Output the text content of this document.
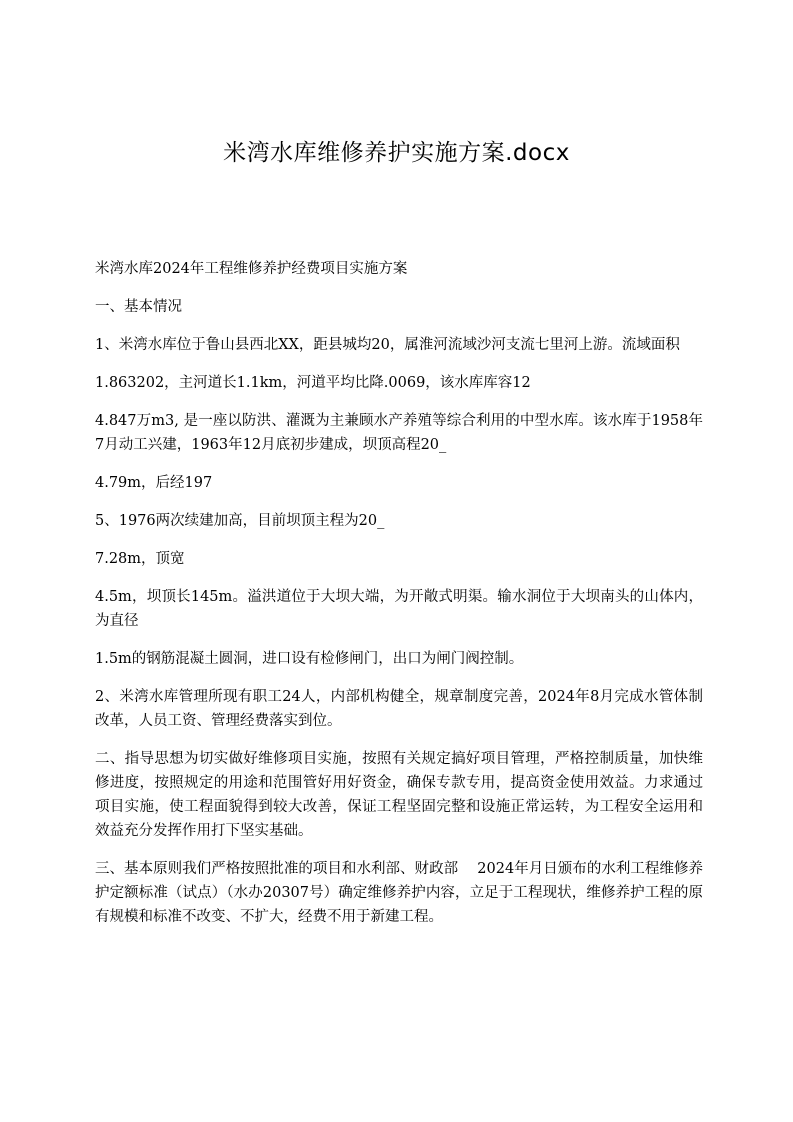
米湾水库维修养护实施方案.docx

米湾水库2024年工程维修养护经费项目实施方案

一、基本情况

1、米湾水库位于鲁山县西北XX，距县城均20，属淮河流域沙河支流七里河上游。流域面积

1.863202，主河道长1.1km，河道平均比降.0069，该水库库容12

4.847万m3, 是一座以防洪、灌溉为主兼顾水产养殖等综合利用的中型水库。该水库于1958年7月动工兴建，1963年12月底初步建成，坝顶高程20_

4.79m，后经197

5、1976两次续建加高，目前坝顶主程为20_

7.28m，顶宽

4.5m，坝顶长145m。溢洪道位于大坝大端，为开敞式明渠。输水洞位于大坝南头的山体内，为直径

1.5m的钢筋混凝土圆洞，进口设有检修闸门，出口为闸门阀控制。

2、米湾水库管理所现有职工24人，内部机构健全，规章制度完善，2024年8月完成水管体制改革，人员工资、管理经费落实到位。

二、指导思想为切实做好维修项目实施，按照有关规定搞好项目管理，严格控制质量，加快维修进度，按照规定的用途和范围管好用好资金，确保专款专用，提高资金使用效益。力求通过项目实施，使工程面貌得到较大改善，保证工程坚固完整和设施正常运转，为工程安全运用和效益充分发挥作用打下坚实基础。

三、基本原则我们严格按照批准的项目和水利部、财政部　 2024年月日颁布的水利工程维修养护定额标准（试点）（水办20307号）确定维修养护内容，立足于工程现状，维修养护工程的原有规模和标准不改变、不扩大，经费不用于新建工程。
